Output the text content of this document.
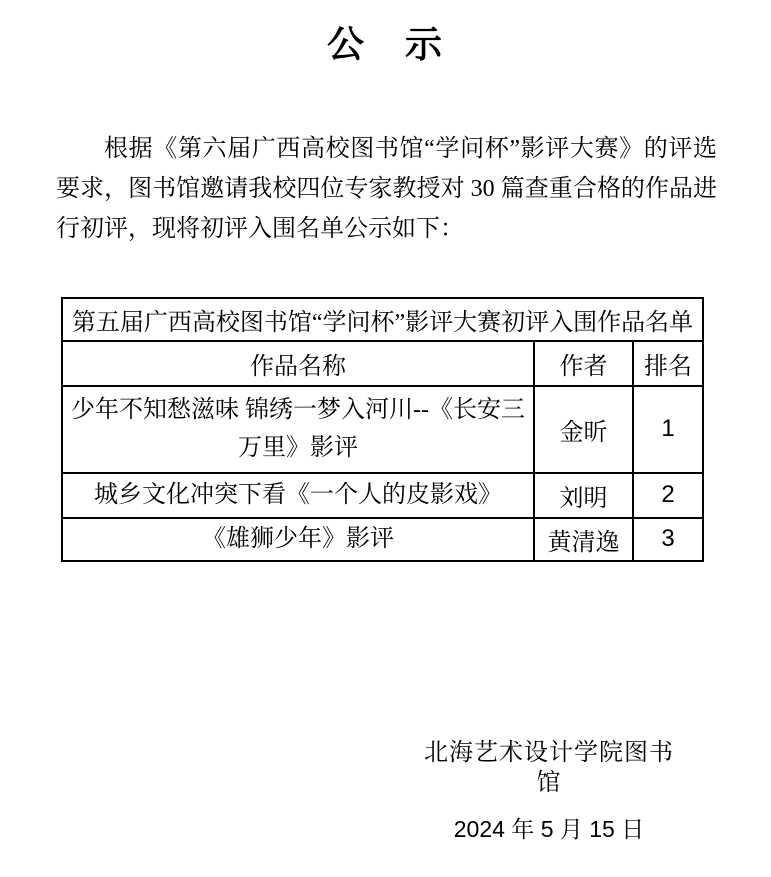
公　示

根据《第六届广西高校图书馆“学问杯”影评大赛》的评选要求，图书馆邀请我校四位专家教授对 30 篇查重合格的作品进行初评，现将初评入围名单公示如下：

第五届广西高校图书馆“学问杯”影评大赛初评入围作品名单		
作品名称	作者	排名
少年不知愁滋味 锦绣一梦入河川--《长安三万里》影评	金昕	1
城乡文化冲突下看《一个人的皮影戏》	刘明	2
《雄狮少年》影评	黄清逸	3
北海艺术设计学院图书馆
2024 年 5 月 15 日
